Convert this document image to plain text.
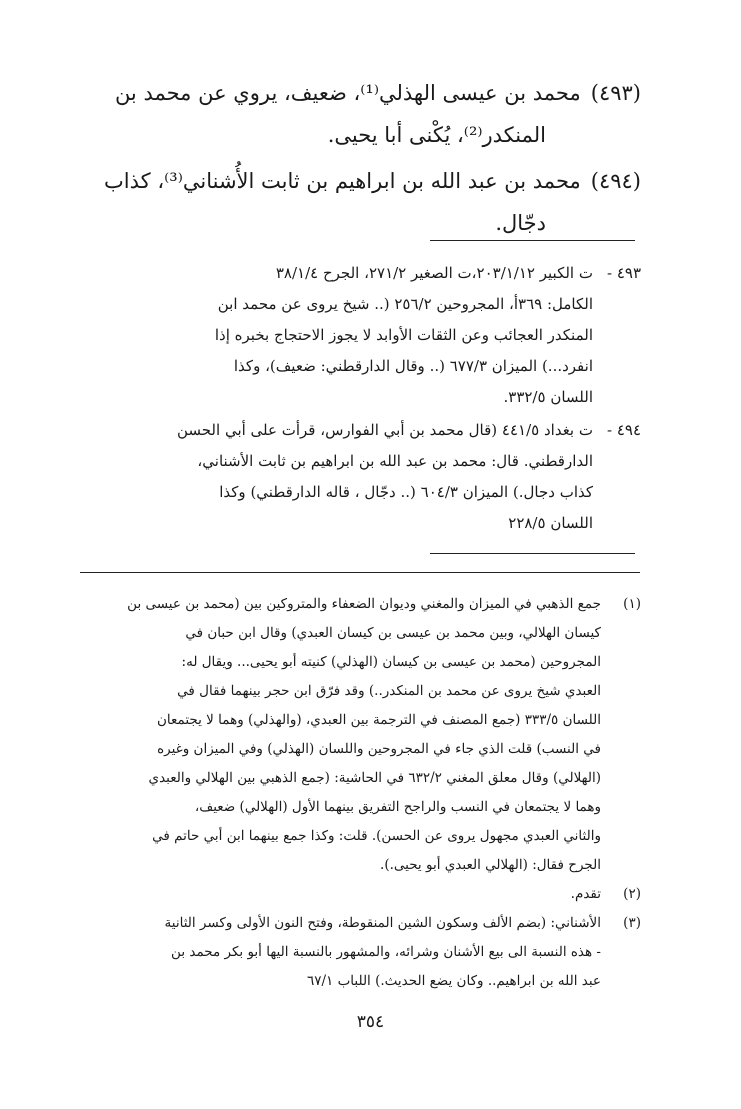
(٤٩٣)محمد بن عيسى الهذلي⁽¹⁾، ضعيف، يروي عن محمد بن
المنكدر⁽²⁾، يُكْنى أبا يحيى.

(٤٩٤)محمد بن عبد الله بن ابراهيم بن ثابت الأُشناني⁽³⁾، كذاب
دجّال.

٤٩٣ -
ت الكبير ٢٠٣/١/١٢،ت الصغير ٢٧١/٢، الجرح ٣٨/١/٤
الكامل: ٣٦٩أ، المجروحين ٢٥٦/٢ (.. شيخ يروى عن محمد ابن
المنكدر العجائب وعن الثقات الأوابد لا يجوز الاحتجاج بخبره إذا
انفرد...) الميزان ٦٧٧/٣ (.. وقال الدارقطني: ضعيف)، وكذا
اللسان ٣٣٢/٥.
٤٩٤ -
ت بغداد ٤٤١/٥ (قال محمد بن أبي الفوارس، قرأت على أبي الحسن
الدارقطني. قال: محمد بن عبد الله بن ابراهيم بن ثابت الأشناني،
كذاب دجال.) الميزان ٦٠٤/٣ (.. دجّال ، قاله الدارقطني) وكذا
اللسان ٢٢٨/٥
(١)
جمع الذهبي في الميزان والمغني وديوان الضعفاء والمتروكين بين (محمد بن عيسى بن
كيسان الهلالي، وبين محمد بن عيسى بن كيسان العبدي) وقال ابن حبان في
المجروحين (محمد بن عيسى بن كيسان (الهذلي) كنيته أبو يحيى... ويقال له:
العبدي شيخ يروى عن محمد بن المنكدر..) وقد فرّق ابن حجر بينهما فقال في
اللسان ٣٣٣/٥ (جمع المصنف في الترجمة بين العبدي، (والهذلي) وهما لا يجتمعان
في النسب) قلت الذي جاء في المجروحين واللسان (الهذلي) وفي الميزان وغيره
(الهلالي) وقال معلق المغني ٦٣٢/٢ في الحاشية: (جمع الذهبي بين الهلالي والعبدي
وهما لا يجتمعان في النسب والراجح التفريق بينهما الأول (الهلالي) ضعيف،
والثاني العبدي مجهول يروى عن الحسن). قلت: وكذا جمع بينهما ابن أبي حاتم في
الجرح فقال: (الهلالي العبدي أبو يحيى.).
(٢)
تقدم.
(٣)
الأشناني: (بضم الألف وسكون الشين المنقوطة، وفتح النون الأولى وكسر الثانية
- هذه النسبة الى بيع الأشنان وشرائه، والمشهور بالنسبة اليها أبو بكر محمد بن
عبد الله بن ابراهيم.. وكان يضع الحديث.) اللباب ٦٧/١
٣٥٤
